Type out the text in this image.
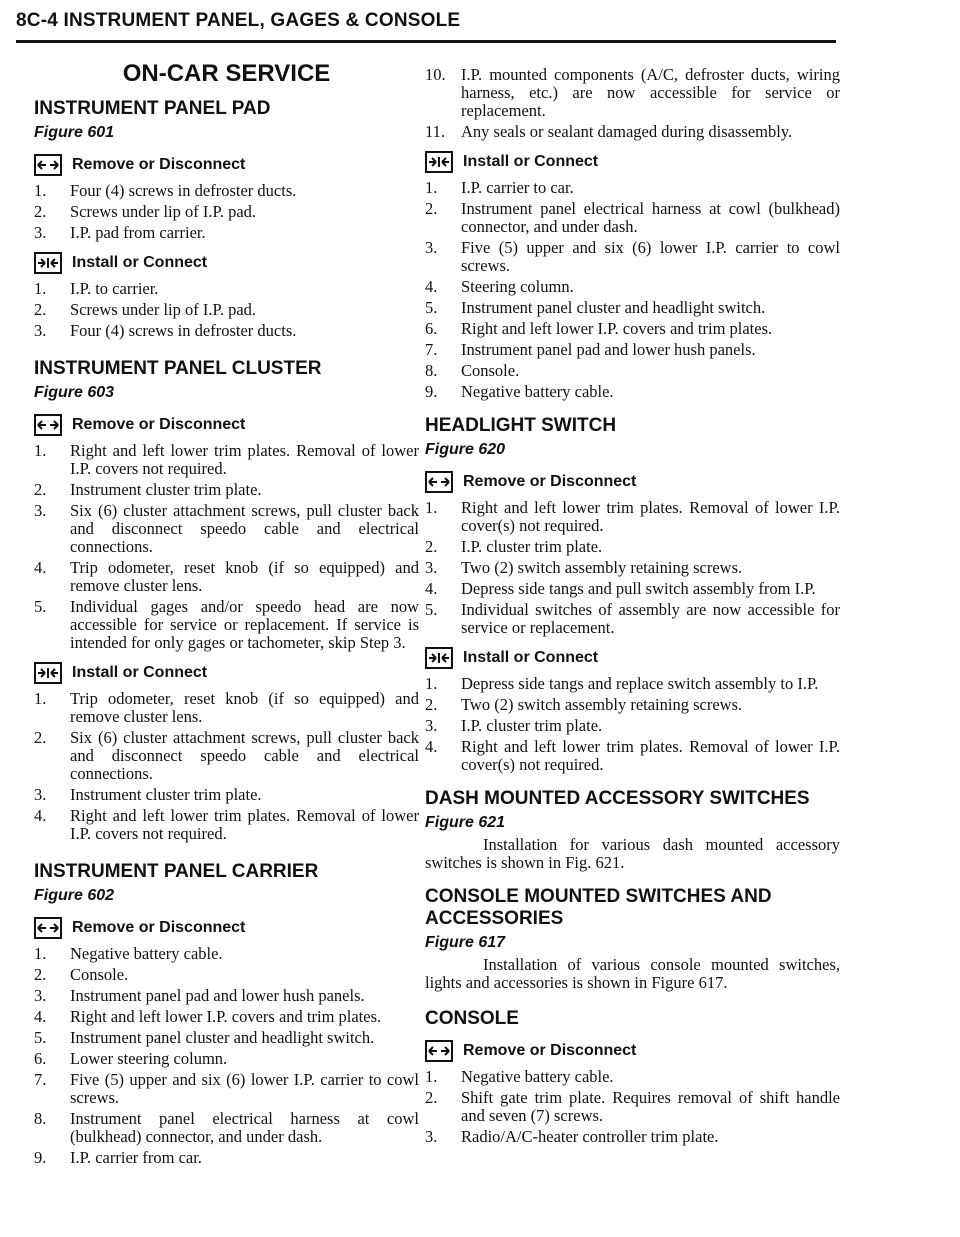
8C-4 INSTRUMENT PANEL, GAGES & CONSOLE
ON-CAR SERVICE
INSTRUMENT PANEL PAD
Figure 601
Remove or Disconnect
1.	Four (4) screws in defroster ducts.
2.	Screws under lip of I.P. pad.
3.	I.P. pad from carrier.
Install or Connect
1.	I.P. to carrier.
2.	Screws under lip of I.P. pad.
3.	Four (4) screws in defroster ducts.
INSTRUMENT PANEL CLUSTER
Figure 603
Remove or Disconnect
1.	Right and left lower trim plates. Removal of lower I.P. covers not required.
2.	Instrument cluster trim plate.
3.	Six (6) cluster attachment screws, pull cluster back and disconnect speedo cable and electrical connections.
4.	Trip odometer, reset knob (if so equipped) and remove cluster lens.
5.	Individual gages and/or speedo head are now accessible for service or replacement. If service is intended for only gages or tachometer, skip Step 3.
Install or Connect
1.	Trip odometer, reset knob (if so equipped) and remove cluster lens.
2.	Six (6) cluster attachment screws, pull cluster back and disconnect speedo cable and electrical connections.
3.	Instrument cluster trim plate.
4.	Right and left lower trim plates. Removal of lower I.P. covers not required.
INSTRUMENT PANEL CARRIER
Figure 602
Remove or Disconnect
1.	Negative battery cable.
2.	Console.
3.	Instrument panel pad and lower hush panels.
4.	Right and left lower I.P. covers and trim plates.
5.	Instrument panel cluster and headlight switch.
6.	Lower steering column.
7.	Five (5) upper and six (6) lower I.P. carrier to cowl screws.
8.	Instrument panel electrical harness at cowl (bulkhead) connector, and under dash.
9.	I.P. carrier from car.
10. I.P. mounted components (A/C, defroster ducts, wiring harness, etc.) are now accessible for service or replacement.
11. Any seals or sealant damaged during disassembly.
Install or Connect
1.	I.P. carrier to car.
2.	Instrument panel electrical harness at cowl (bulkhead) connector, and under dash.
3.	Five (5) upper and six (6) lower I.P. carrier to cowl screws.
4.	Steering column.
5.	Instrument panel cluster and headlight switch.
6.	Right and left lower I.P. covers and trim plates.
7.	Instrument panel pad and lower hush panels.
8.	Console.
9.	Negative battery cable.
HEADLIGHT SWITCH
Figure 620
Remove or Disconnect
1.	Right and left lower trim plates. Removal of lower I.P. cover(s) not required.
2.	I.P. cluster trim plate.
3.	Two (2) switch assembly retaining screws.
4.	Depress side tangs and pull switch assembly from I.P.
5.	Individual switches of assembly are now accessible for service or replacement.
Install or Connect
1.	Depress side tangs and replace switch assembly to I.P.
2.	Two (2) switch assembly retaining screws.
3.	I.P. cluster trim plate.
4.	Right and left lower trim plates. Removal of lower I.P. cover(s) not required.
DASH MOUNTED ACCESSORY SWITCHES
Figure 621
Installation for various dash mounted accessory switches is shown in Fig. 621.
CONSOLE MOUNTED SWITCHES AND
ACCESSORIES
Figure 617
Installation of various console mounted switches, lights and accessories is shown in Figure 617.
CONSOLE
Remove or Disconnect
1.	Negative battery cable.
2.	Shift gate trim plate. Requires removal of shift handle and seven (7) screws.
3.	Radio/A/C-heater controller trim plate.
